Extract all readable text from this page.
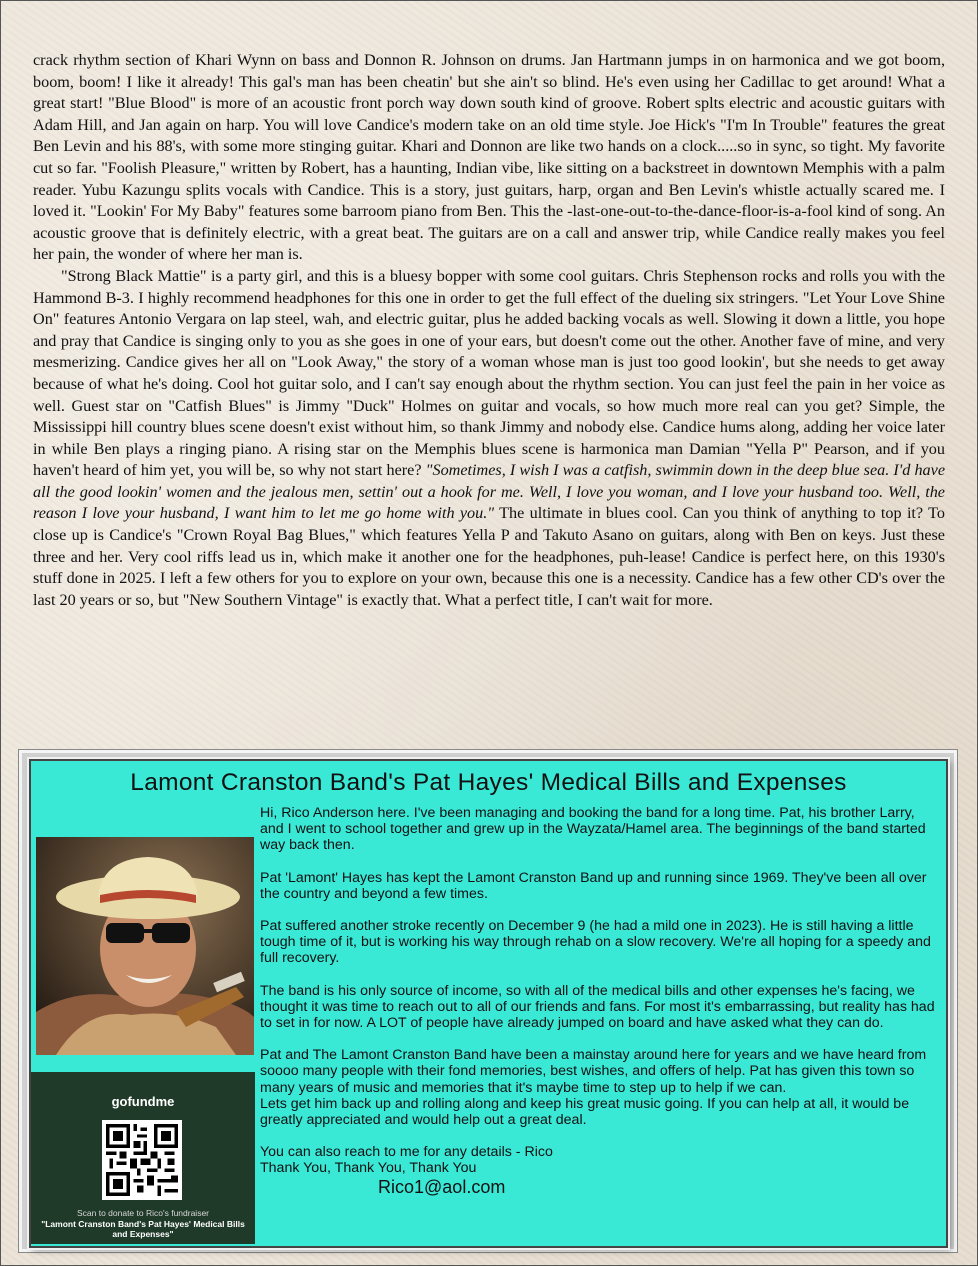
crack rhythm section of Khari Wynn on bass and Donnon R. Johnson on drums. Jan Hartmann jumps in on harmonica and we got boom, boom, boom! I like it already! This gal's man has been cheatin' but she ain't so blind. He's even using her Cadillac to get around! What a great start! "Blue Blood" is more of an acoustic front porch way down south kind of groove. Robert splts electric and acoustic guitars with Adam Hill, and Jan again on harp. You will love Candice's modern take on an old time style. Joe Hick's "I'm In Trouble" features the great Ben Levin and his 88's, with some more stinging guitar. Khari and Donnon are like two hands on a clock.....so in sync, so tight. My favorite cut so far. "Foolish Pleasure," written by Robert, has a haunting, Indian vibe, like sitting on a backstreet in downtown Memphis with a palm reader. Yubu Kazungu splits vocals with Candice. This is a story, just guitars, harp, organ and Ben Levin's whistle actually scared me. I loved it. "Lookin' For My Baby" features some barroom piano from Ben. This the -last-one-out-to-the-dance-floor-is-a-fool kind of song. An acoustic groove that is definitely electric, with a great beat. The guitars are on a call and answer trip, while Candice really makes you feel her pain, the wonder of where her man is.

"Strong Black Mattie" is a party girl, and this is a bluesy bopper with some cool guitars. Chris Stephenson rocks and rolls you with the Hammond B-3. I highly recommend headphones for this one in order to get the full effect of the dueling six stringers. "Let Your Love Shine On" features Antonio Vergara on lap steel, wah, and electric guitar, plus he added backing vocals as well. Slowing it down a little, you hope and pray that Candice is singing only to you as she goes in one of your ears, but doesn't come out the other. Another fave of mine, and very mesmerizing. Candice gives her all on "Look Away," the story of a woman whose man is just too good lookin', but she needs to get away because of what he's doing. Cool hot guitar solo, and I can't say enough about the rhythm section. You can just feel the pain in her voice as well. Guest star on "Catfish Blues" is Jimmy "Duck" Holmes on guitar and vocals, so how much more real can you get? Simple, the Mississippi hill country blues scene doesn't exist without him, so thank Jimmy and nobody else. Candice hums along, adding her voice later in while Ben plays a ringing piano. A rising star on the Memphis blues scene is harmonica man Damian "Yella P" Pearson, and if you haven't heard of him yet, you will be, so why not start here? "Sometimes, I wish I was a catfish, swimmin down in the deep blue sea. I'd have all the good lookin' women and the jealous men, settin' out a hook for me. Well, I love you woman, and I love your husband too. Well, the reason I love your husband, I want him to let me go home with you." The ultimate in blues cool. Can you think of anything to top it? To close up is Candice's "Crown Royal Bag Blues," which features Yella P and Takuto Asano on guitars, along with Ben on keys. Just these three and her. Very cool riffs lead us in, which make it another one for the headphones, puh-lease! Candice is perfect here, on this 1930's stuff done in 2025. I left a few others for you to explore on your own, because this one is a necessity. Candice has a few other CD's over the last 20 years or so, but "New Southern Vintage" is exactly that. What a perfect title, I can't wait for more.

Lamont Cranston Band's Pat Hayes' Medical Bills and Expenses
gofundme
Scan to donate to Rico's fundraiser
"Lamont Cranston Band's Pat Hayes' Medical Bills and Expenses"

Hi, Rico Anderson here. I've been managing and booking the band for a long time. Pat, his brother Larry, and I went to school together and grew up in the Wayzata/Hamel area. The beginnings of the band started way back then.

Pat 'Lamont' Hayes has kept the Lamont Cranston Band up and running since 1969. They've been all over the country and beyond a few times.

Pat suffered another stroke recently on December 9 (he had a mild one in 2023). He is still having a little tough time of it, but is working his way through rehab on a slow recovery. We're all hoping for a speedy and full recovery.

The band is his only source of income, so with all of the medical bills and other expenses he's facing, we thought it was time to reach out to all of our friends and fans. For most it's embarrassing, but reality has had to set in for now. A LOT of people have already jumped on board and have asked what they can do.

Pat and The Lamont Cranston Band have been a mainstay around here for years and we have heard from soooo many people with their fond memories, best wishes, and offers of help. Pat has given this town so many years of music and memories that it's maybe time to step up to help if we can.
Lets get him back up and rolling along and keep his great music going. If you can help at all, it would be greatly appreciated and would help out a great deal.

You can also reach to me for any details - Rico

Thank You, Thank You, Thank You

Rico1@aol.com
